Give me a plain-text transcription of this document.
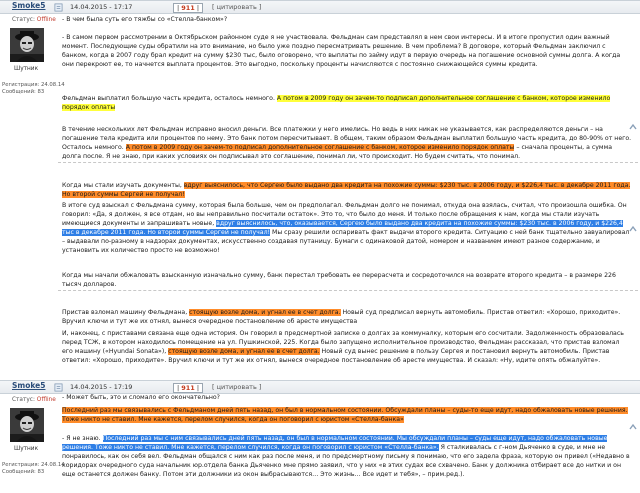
Smoke5	14.04.2015 - 17:17	| 911 |	[ цитировать ]
Статус: Offline
Шутник
Регистрация: 24.08.14
Сообщений: 83

- В чем была суть его тяжбы со «Стелла-банком»?

- В самом первом рассмотрении в Октябрьском районном суде я не участвовала. Фельдман сам представлял в нем свои интересы. И в итоге пропустил один важный момент. Последующие суды обратили на это внимание, но было уже поздно пересматривать решение. В чем проблема? В договоре, который Фельдман заключил с банком, когда в 2007 году брал кредит на сумму $230 тыс, было оговорено, что выплаты по займу идут в первую очередь на погашение основной суммы долга. А когда они перекроют ее, то начнется выплата процентов. Это выгодно, поскольку проценты начисляются с постоянно снижающейся суммы кредита.

Фельдман выплатил большую часть кредита, осталось немного. А потом в 2009 году он зачем-то подписал дополнительное соглашение с банком, которое изменило порядок оплаты

В течение нескольких лет Фельдман исправно вносил деньги. Все платежки у него имелись. Но ведь в них никак не указывается, как распределяются деньги – на погашение тела кредита или процентов по нему. Это банк потом пересчитывает. В общем, таким образом Фельдман выплатил большую часть кредита, до 80-90% от него. Осталось немного. А потом в 2009 году он зачем-то подписал дополнительное соглашение с банком, которое изменило порядок оплаты – сначала проценты, а сумма долга после. Я не знаю, при каких условиях он подписывал это соглашение, понимал ли, что происходит. Но будем считать, что понимал.

Когда мы стали изучать документы, вдруг выяснилось, что Сергею было выдано два кредита на похожие суммы: $230 тыс. в 2006 году, и $226,4 тыс. в декабре 2011 года. Но второй суммы Сергей не получал!

В итоге суд взыскал с Фельдмана сумму, которая была больше, чем он предполагал. Фельдман долго не понимал, откуда она взялась, считал, что произошла ошибка. Он говорил: «Да, я должен, я все отдам, но вы неправильно посчитали остаток». Это то, что было до меня. И только после обращения к нам, когда мы стали изучать имеющиеся документы и запрашивать новые, вдруг выяснилось, что, оказывается, Сергею было выдано два кредита на похожие суммы: $230 тыс. в 2006 году, и $226,4 тыс в декабре 2011 года. Но второй суммы Сергей не получал! Мы сразу решили оспаривать факт выдачи второго кредита. Ситуацию с ней банк тщательно завуалировал – выдавали по-разному в надзорах документах, искусственно создавая путаницу. Бумаги с одинаковой датой, номером и названием имеют разное содержание, и установить их количество просто не возможно!

Когда мы начали обжаловать взысканную изначально сумму, банк перестал требовать ее перерасчета и сосредоточился на возврате второго кредита – в размере 226 тысяч долларов.

Пристав взломал машину Фельдмана, стоящую возле дома, и угнал ее в счет долга. Новый суд предписал вернуть автомобиль. Пристав ответил: «Хорошо, приходите». Вручил ключи и тут же их отнял, вынеся очередное постановление об аресте имущества

И, наконец, с приставами связана еще одна история. Он говорил в предсмертной записке о долгах за коммуналку, которым его сосчитали. Задолженность образовалась перед ТСЖ, в котором находилось помещение на ул. Пушкинской, 225. Когда было запущено исполнительное производство, Фельдман рассказал, что пристав взломал его машину («Hyundai Sonata»), стоящую возле дома, и угнал ее в счет долга. Новый суд вынес решение в пользу Сергея и постановил вернуть автомобиль. Пристав ответил: «Хорошо, приходите». Вручил ключи и тут же их отнял, вынеся очередное постановление об аресте имущества. И сказал: «Ну, идите опять обжалуйте».

Smoke5	14.04.2015 - 17:19	| 911 |	[ цитировать ]
Статус: Offline
Шутник
Регистрация: 24.08.14
Сообщений: 83

- Может быть, это и сломало его окончательно?

Последний раз мы связывались с Фельдманом дней пять назад, он был в нормальном состоянии. Обсуждали планы – суды-то еще идут, надо обжаловать новые решения. Тоже никто не ставил. Мне кажется, перелом случился, когда он поговорил с юристом «Стелла-банка»

- Я не знаю. Последний раз мы с ним связывались дней пять назад, он был в нормальном состоянии. Мы обсуждали планы – суды еще идут, надо обжаловать новые решения. Тоже никто не ставил. Мне кажется, перелом случился, когда он поговорил с юристом «Стелла-банка». Я сталкивалась с г-ном Дьяченко в суде, и мне не понравилось, как он себя вел. Фельдман общался с ним как раз после меня, и по предсмертному письму я понимаю, что его задела фраза, которую он привел («Недавно в коридорах очередного суда начальник юр.отдела банка Дьяченко мне прямо заявил, что у них «в этих судах все схвачено. Банк у должника отбирает все до нитки и он еще останется должен банку. Потом эти должники из окон выбрасываются… Это жизнь… Все идет и тебя», – прим.ред.).
